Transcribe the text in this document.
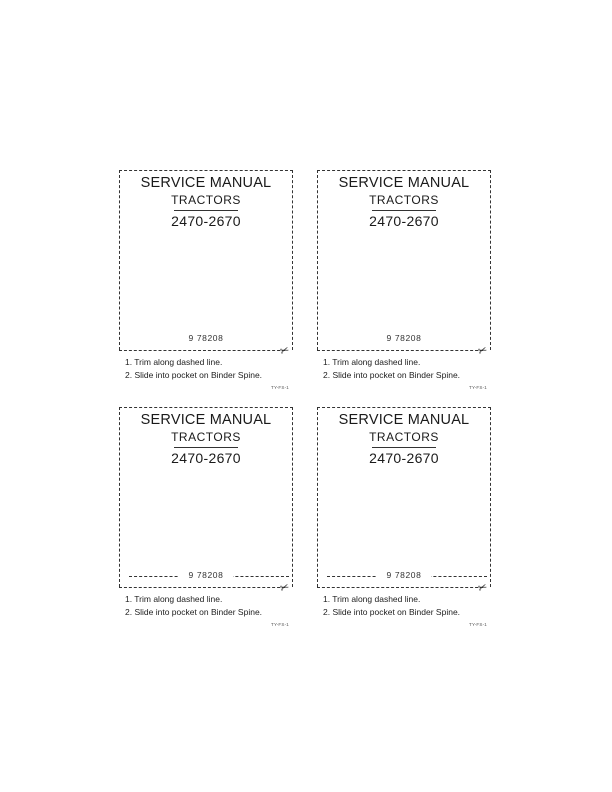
SERVICE MANUAL
TRACTORS
2470-2670
9 78208
✂
1. Trim along dashed line.
2. Slide into pocket on Binder Spine.
TY-FS-1
SERVICE MANUAL
TRACTORS
2470-2670
9 78208
✂
1. Trim along dashed line.
2. Slide into pocket on Binder Spine.
TY-FS-1
SERVICE MANUAL
TRACTORS
2470-2670
9 78208
✂
1. Trim along dashed line.
2. Slide into pocket on Binder Spine.
TY-FS-1
SERVICE MANUAL
TRACTORS
2470-2670
9 78208
✂
1. Trim along dashed line.
2. Slide into pocket on Binder Spine.
TY-FS-1
